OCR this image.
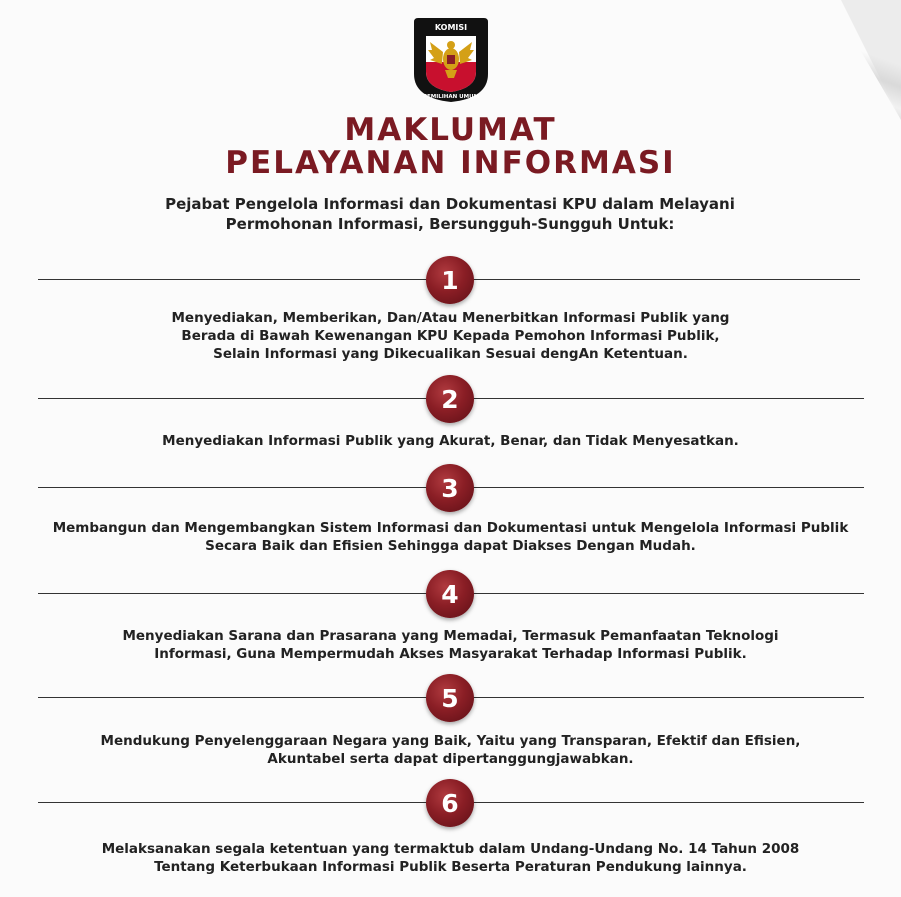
KOMISI
PEMILIHAN UMUM
MAKLUMAT
PELAYANAN INFORMASI
Pejabat Pengelola Informasi dan Dokumentasi KPU dalam Melayani
Permohonan Informasi, Bersungguh-Sungguh Untuk:
1
Menyediakan, Memberikan, Dan/Atau Menerbitkan Informasi Publik yang
Berada di Bawah Kewenangan KPU Kepada Pemohon Informasi Publik,
Selain Informasi yang Dikecualikan Sesuai dengAn Ketentuan.
2
Menyediakan Informasi Publik yang Akurat, Benar, dan Tidak Menyesatkan.
3
Membangun dan Mengembangkan Sistem Informasi dan Dokumentasi untuk Mengelola Informasi Publik
Secara Baik dan Efisien Sehingga dapat Diakses Dengan Mudah.
4
Menyediakan Sarana dan Prasarana yang Memadai, Termasuk Pemanfaatan Teknologi
Informasi, Guna Mempermudah Akses Masyarakat Terhadap Informasi Publik.
5
Mendukung Penyelenggaraan Negara yang Baik, Yaitu yang Transparan, Efektif dan Efisien,
Akuntabel serta dapat dipertanggungjawabkan.
6
Melaksanakan segala ketentuan yang termaktub dalam Undang-Undang No. 14 Tahun 2008
Tentang Keterbukaan Informasi Publik Beserta Peraturan Pendukung lainnya.
